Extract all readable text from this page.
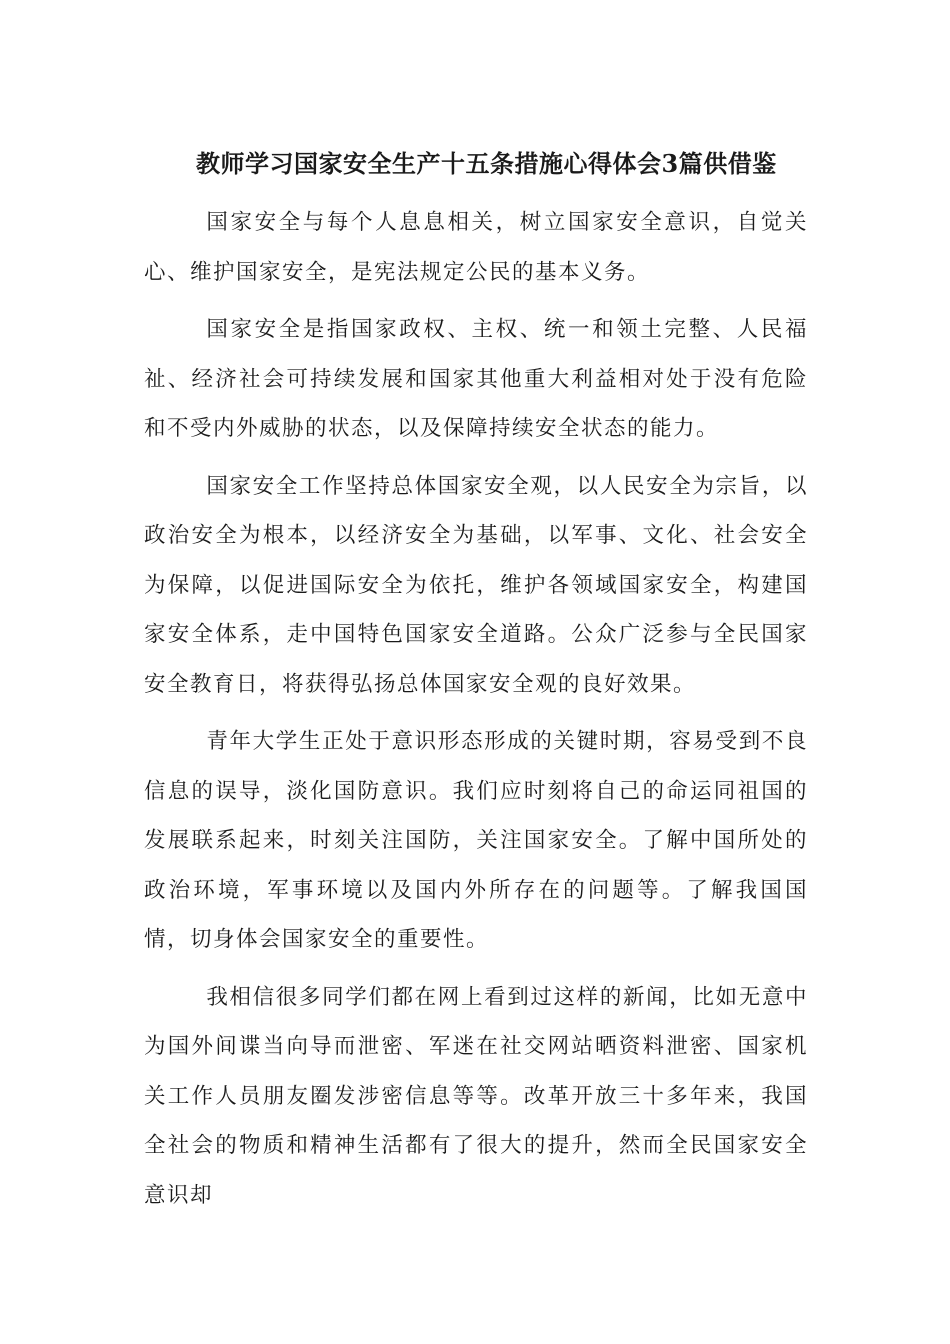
教师学习国家安全生产十五条措施心得体会3篇供借鉴

国家安全与每个人息息相关，树立国家安全意识，自觉关心、维护国家安全，是宪法规定公民的基本义务。

国家安全是指国家政权、主权、统一和领土完整、人民福祉、经济社会可持续发展和国家其他重大利益相对处于没有危险和不受内外威胁的状态，以及保障持续安全状态的能力。

国家安全工作坚持总体国家安全观，以人民安全为宗旨，以政治安全为根本，以经济安全为基础，以军事、文化、社会安全为保障，以促进国际安全为依托，维护各领域国家安全，构建国家安全体系，走中国特色国家安全道路。公众广泛参与全民国家安全教育日，将获得弘扬总体国家安全观的良好效果。

青年大学生正处于意识形态形成的关键时期，容易受到不良信息的误导，淡化国防意识。我们应时刻将自己的命运同祖国的发展联系起来，时刻关注国防，关注国家安全。了解中国所处的政治环境，军事环境以及国内外所存在的问题等。了解我国国情，切身体会国家安全的重要性。

我相信很多同学们都在网上看到过这样的新闻，比如无意中为国外间谍当向导而泄密、军迷在社交网站晒资料泄密、国家机关工作人员朋友圈发涉密信息等等。改革开放三十多年来，我国全社会的物质和精神生活都有了很大的提升，然而全民国家安全意识却
